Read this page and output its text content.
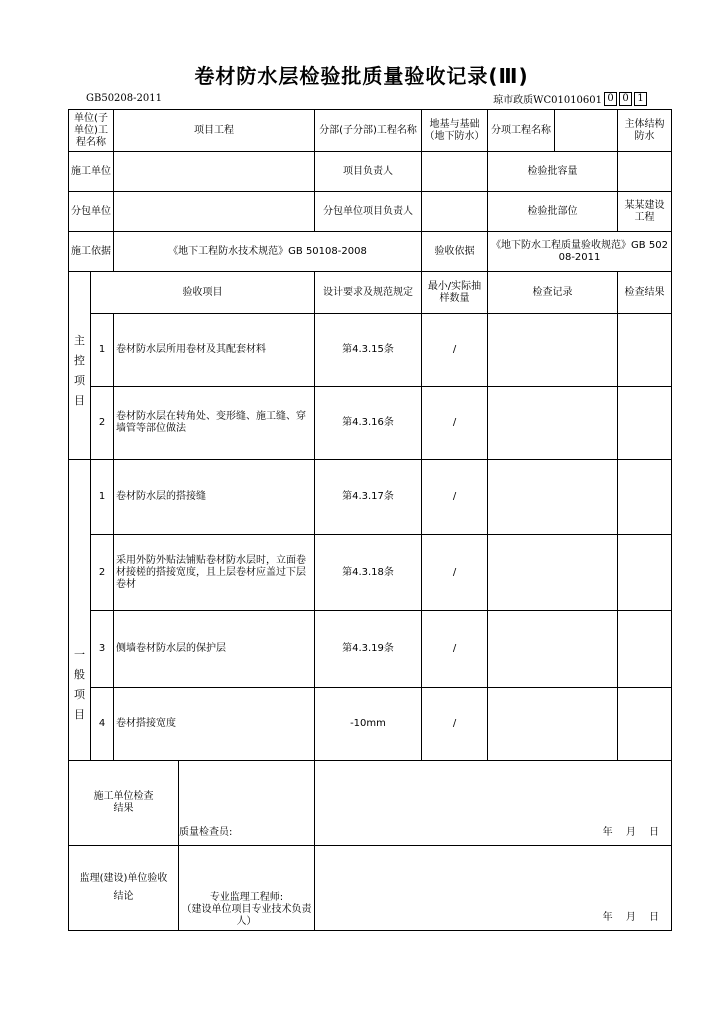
卷材防水层检验批质量验收记录(Ⅲ)
GB50208-2011	琼市政质WC01010601 0 0 1
单位(子单位)工程名称		项目工程	分部(子分部)工程名称	地基与基础（地下防水）	分项工程名称	主体结构防水
施工单位			项目负责人		检验批容量	
分包单位			分包单位项目负责人		检验批部位	某某建设工程
施工依据		《地下工程防水技术规范》GB 50108-2008		验收依据	《地下防水工程质量验收规范》GB 50208-2011	

主
控
项
目	验收项目		设计要求及规范规定	最小/实际抽样数量	检查记录	检查结果
	1	卷材防水层所用卷材及其配套材料	第4.3.15条	/		
	2	卷材防水层在转角处、变形缝、施工缝、穿墙管等部位做法	第4.3.16条	/		

一
般
项
目	1	卷材防水层的搭接缝	第4.3.17条	/		
	2	采用外防外贴法铺贴卷材防水层时，立面卷材接槎的搭接宽度，且上层卷材应盖过下层卷材	第4.3.18条	/		
	3	侧墙卷材防水层的保护层	第4.3.19条	/		
	4	卷材搭接宽度	-10mm	/		

施工单位检查结果
质量检查员:			年 月 日			

监理(建设)单位验收结论 专业监理工程师:
（建设单位项目专业技术负责人）			年 月 日			
